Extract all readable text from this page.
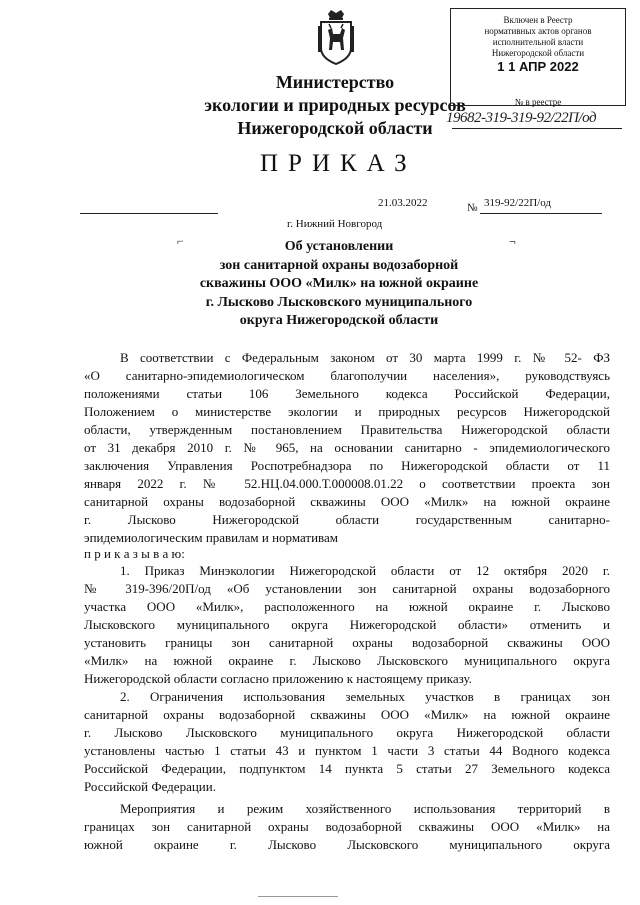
Министерство
экологии и природных ресурсов
Нижегородской области
Включен в Реестр
нормативных актов органов
исполнительной власти
Нижегородской области
1 1 АПР 2022
№ в реестре
19682-319-319-92/22П/од
ПРИКАЗ
21.03.2022	№ 319-92/22П/од
г. Нижний Новгород
⌐	¬
Об установлении
зон санитарной охраны водозаборной
скважины ООО «Милк» на южной окраине
г. Лысково Лысковского муниципального
округа Нижегородской области
В соответствии с Федеральным законом от 30 марта 1999 г. № 52- ФЗ
«О санитарно-эпидемиологическом благополучии населения», руководствуясь
положениями статьи 106 Земельного кодекса Российской Федерации,
Положением о министерстве экологии и природных ресурсов Нижегородской
области, утвержденным постановлением Правительства Нижегородской области
от 31 декабря 2010 г. № 965, на основании санитарно - эпидемиологического
заключения Управления Роспотребнадзора по Нижегородской области от 11
января 2022 г. № 52.НЦ.04.000.Т.000008.01.22 о соответствии проекта зон
санитарной охраны водозаборной скважины ООО «Милк» на южной окраине
г. Лысково Нижегородской области государственным санитарно-
эпидемиологическим правилам и нормативам
п р и к а з ы в а ю:
1. Приказ Минэкологии Нижегородской области от 12 октября 2020 г.
№ 319-396/20П/од «Об установлении зон санитарной охраны водозаборного
участка ООО «Милк», расположенного на южной окраине г. Лысково
Лысковского муниципального округа Нижегородской области» отменить и
установить границы зон санитарной охраны водозаборной скважины ООО
«Милк» на южной окраине г. Лысково Лысковского муниципального округа
Нижегородской области согласно приложению к настоящему приказу.
2. Ограничения использования земельных участков в границах зон
санитарной охраны водозаборной скважины ООО «Милк» на южной окраине
г. Лысково Лысковского муниципального округа Нижегородской области
установлены частью 1 статьи 43 и пунктом 1 части 3 статьи 44 Водного кодекса
Российской Федерации, подпунктом 14 пункта 5 статьи 27 Земельного кодекса
Российской Федерации.
Мероприятия и режим хозяйственного использования территорий в
границах зон санитарной охраны водозаборной скважины ООО «Милк» на
южной окраине г. Лысково Лысковского муниципального округа
